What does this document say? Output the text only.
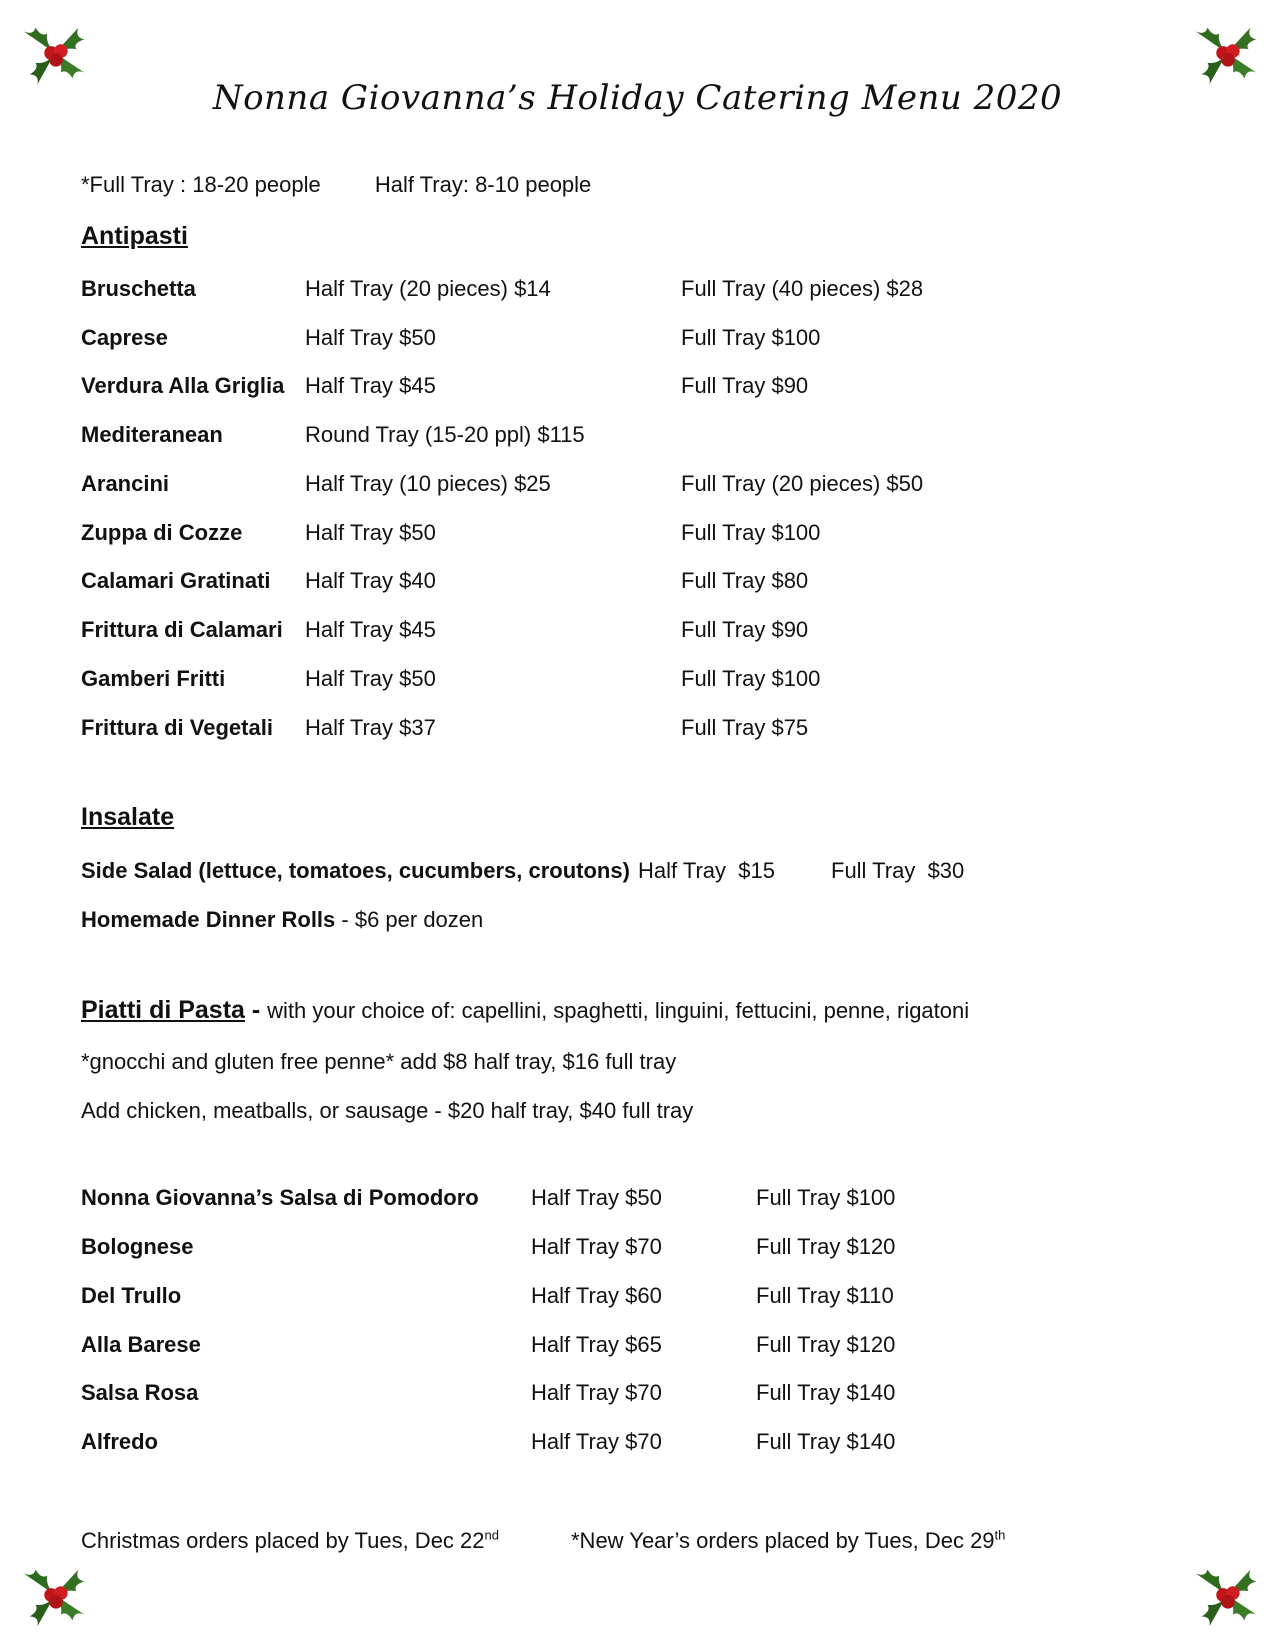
Nonna Giovanna’s Holiday Catering Menu 2020
*Full Tray : 18-20 people Half Tray: 8-10 people
Antipasti
Bruschetta	Half Tray (20 pieces) $14	Full Tray (40 pieces) $28
Caprese	Half Tray $50	Full Tray $100
Verdura Alla Griglia Half Tray $45	Full Tray $90
Mediteranean	Round Tray (15-20 ppl) $115
Arancini	Half Tray (10 pieces) $25	Full Tray (20 pieces) $50
Zuppa di Cozze	Half Tray $50	Full Tray $100
Calamari Gratinati Half Tray $40	Full Tray $80
Frittura di Calamari Half Tray $45	Full Tray $90
Gamberi Fritti	Half Tray $50	Full Tray $100
Frittura di Vegetali Half Tray $37	Full Tray $75
Insalate
Side Salad (lettuce, tomatoes, cucumbers, croutons) Half Tray  $15	Full Tray  $30
Homemade Dinner Rolls - $6 per dozen
Piatti di Pasta - with your choice of: capellini, spaghetti, linguini, fettucini, penne, rigatoni
*gnocchi and gluten free penne* add $8 half tray, $16 full tray
Add chicken, meatballs, or sausage - $20 half tray, $40 full tray
Nonna Giovanna’s Salsa di Pomodoro Half Tray $50	Full Tray $100
Bolognese	Half Tray $70	Full Tray $120
Del Trullo	Half Tray $60	Full Tray $110
Alla Barese	Half Tray $65	Full Tray $120
Salsa Rosa	Half Tray $70	Full Tray $140
Alfredo	Half Tray $70	Full Tray $140
Christmas orders placed by Tues, Dec 22nd	*New Year’s orders placed by Tues, Dec 29th
